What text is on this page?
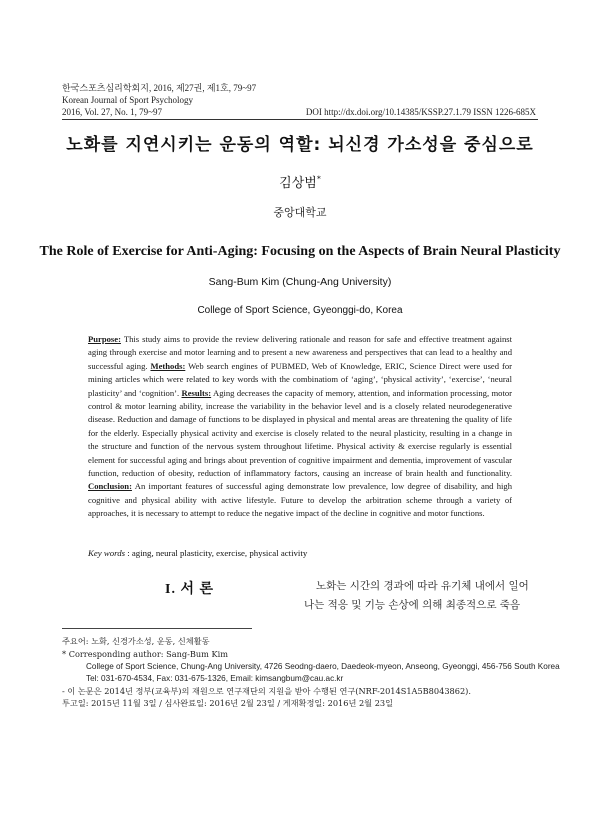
한국스포츠심리학회지, 2016, 제27권, 제1호, 79~97
Korean Journal of Sport Psychology
2016, Vol. 27, No. 1, 79~97	DOI http://dx.doi.org/10.14385/KSSP.27.1.79 ISSN 1226-685X
노화를 지연시키는 운동의 역할: 뇌신경 가소성을 중심으로
김상범*
중앙대학교
The Role of Exercise for Anti-Aging: Focusing on the Aspects of Brain Neural Plasticity
Sang-Bum Kim (Chung-Ang University)
College of Sport Science, Gyeonggi-do, Korea
Purpose: This study aims to provide the review delivering rationale and reason for safe and effective treatment against aging through exercise and motor learning and to present a new awareness and perspectives that can lead to a healthy and successful aging. Methods: Web search engines of PUBMED, Web of Knowledge, ERIC, Science Direct were used for mining articles which were related to key words with the combinatiom of ‘aging’, ‘physical activity’, ‘exercise’, ‘neural plasticity’ and ‘cognition’. Results: Aging decreases the capacity of memory, attention, and information processing, motor control & motor learning ability, increase the variability in the behavior level and is a closely related neurodegenerative disease. Reduction and damage of functions to be displayed in physical and mental areas are threatening the quality of life for the elderly. Especially physical activity and exercise is closely related to the neural plasticity, resulting in a change in the structure and function of the nervous system throughout lifetime. Physical activity & exercise regularly is essential element for successful aging and brings about prevention of cognitive impairment and dementia, improvement of vascular function, reduction of obesity, reduction of inflammatory factors, causing an increase of brain health and functionality. Conclusion: An important features of successful aging demonstrate low prevalence, low degree of disability, and high cognitive and physical ability with active lifestyle. Future to develop the arbitration scheme through a variety of approaches, it is necessary to attempt to reduce the negative impact of the decline in cognitive and motor functions.
Key words : aging, neural plasticity, exercise, physical activity
I. 서 론	노화는 시간의 경과에 따라 유기체 내에서 일어
나는 적응 및 기능 손상에 의해 최종적으로 죽음
주요어: 노화, 신경가소성, 운동, 신체활동
* Corresponding author: Sang-Bum Kim
College of Sport Science, Chung-Ang University, 4726 Seodng-daero, Daedeok-myeon, Anseong, Gyeonggi, 456-756 South Korea
Tel: 031-670-4534, Fax: 031-675-1326, Email: kimsangbum@cau.ac.kr
- 이 논문은 2014년 정부(교육부)의 재원으로 연구재단의 지원을 받아 수행된 연구(NRF-2014S1A5B8043862).
투고일: 2015년 11월 3일 / 심사완료일: 2016년 2월 23일 / 게재확정일: 2016년 2월 23일
